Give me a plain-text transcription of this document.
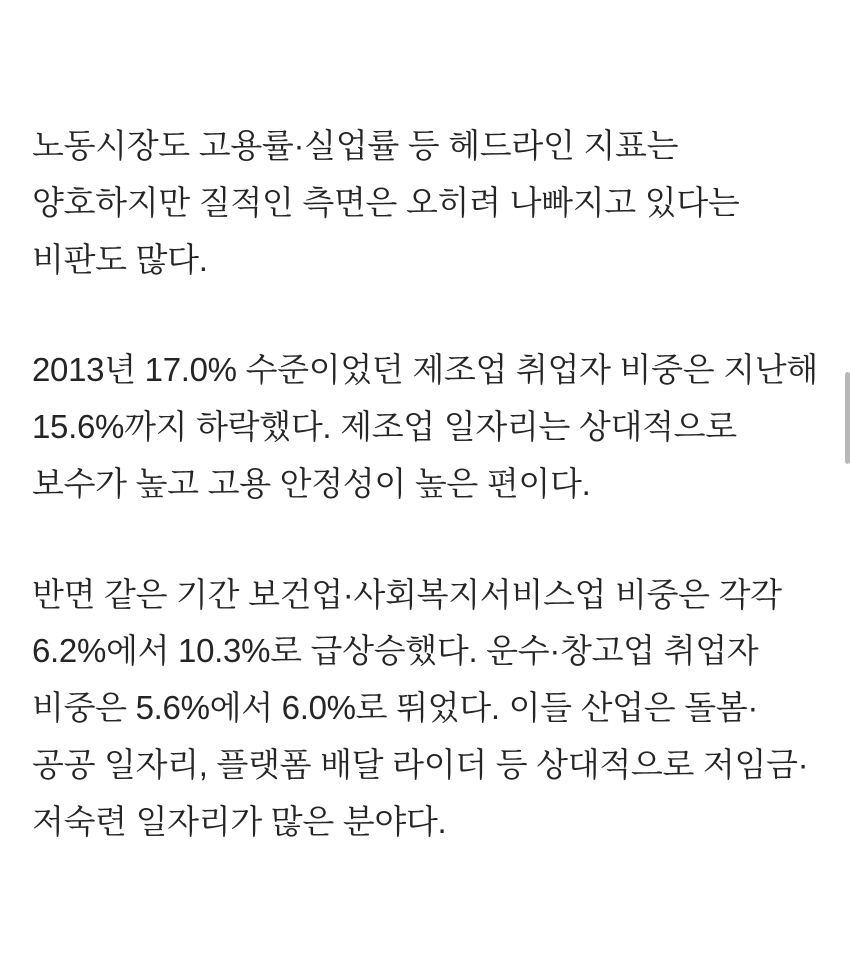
노동시장도 고용률·실업률 등 헤드라인 지표는 양호하지만 질적인 측면은 오히려 나빠지고 있다는 비판도 많다.

2013년 17.0% 수준이었던 제조업 취업자 비중은 지난해 15.6%까지 하락했다. 제조업 일자리는 상대적으로 보수가 높고 고용 안정성이 높은 편이다.

반면 같은 기간 보건업·사회복지서비스업 비중은 각각 6.2%에서 10.3%로 급상승했다. 운수·창고업 취업자 비중은 5.6%에서 6.0%로 뛰었다. 이들 산업은 돌봄·공공 일자리, 플랫폼 배달 라이더 등 상대적으로 저임금·저숙련 일자리가 많은 분야다.
